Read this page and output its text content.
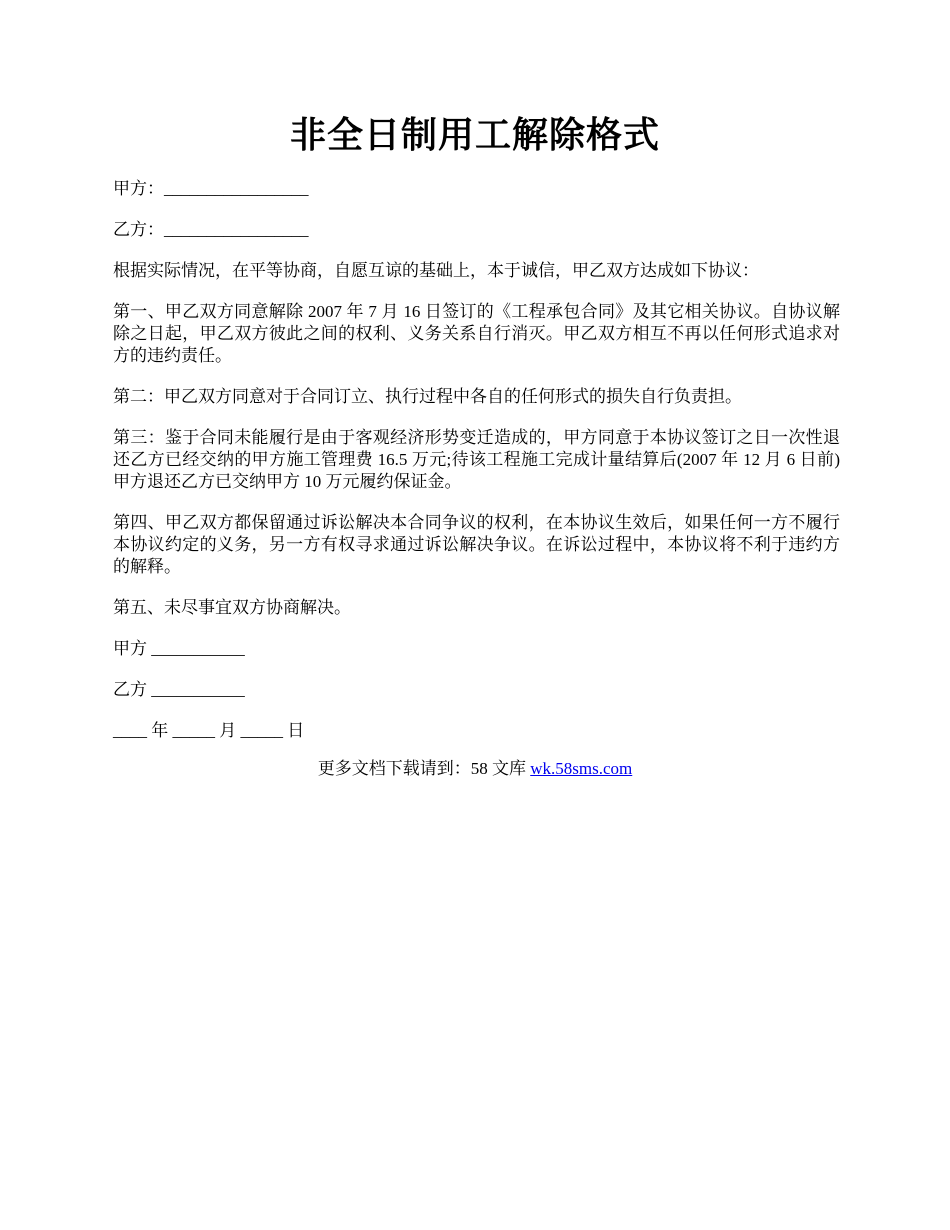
非全日制用工解除格式

甲方：_________________

乙方：_________________

根据实际情况，在平等协商，自愿互谅的基础上，本于诚信，甲乙双方达成如下协议：

第一、甲乙双方同意解除 2007 年 7 月 16 日签订的《工程承包合同》及其它相关协议。自协议解除之日起，甲乙双方彼此之间的权利、义务关系自行消灭。甲乙双方相互不再以任何形式追求对方的违约责任。

第二：甲乙双方同意对于合同订立、执行过程中各自的任何形式的损失自行负责担。

第三：鉴于合同未能履行是由于客观经济形势变迁造成的，甲方同意于本协议签订之日一次性退还乙方已经交纳的甲方施工管理费 16.5 万元;待该工程施工完成计量结算后(2007 年 12 月 6 日前)甲方退还乙方已交纳甲方 10 万元履约保证金。

第四、甲乙双方都保留通过诉讼解决本合同争议的权利，在本协议生效后，如果任何一方不履行本协议约定的义务，另一方有权寻求通过诉讼解决争议。在诉讼过程中，本协议将不利于违约方的解释。

第五、未尽事宜双方协商解决。

甲方 ___________

乙方 ___________

____ 年 _____ 月 _____ 日

更多文档下载请到：58 文库 wk.58sms.com
